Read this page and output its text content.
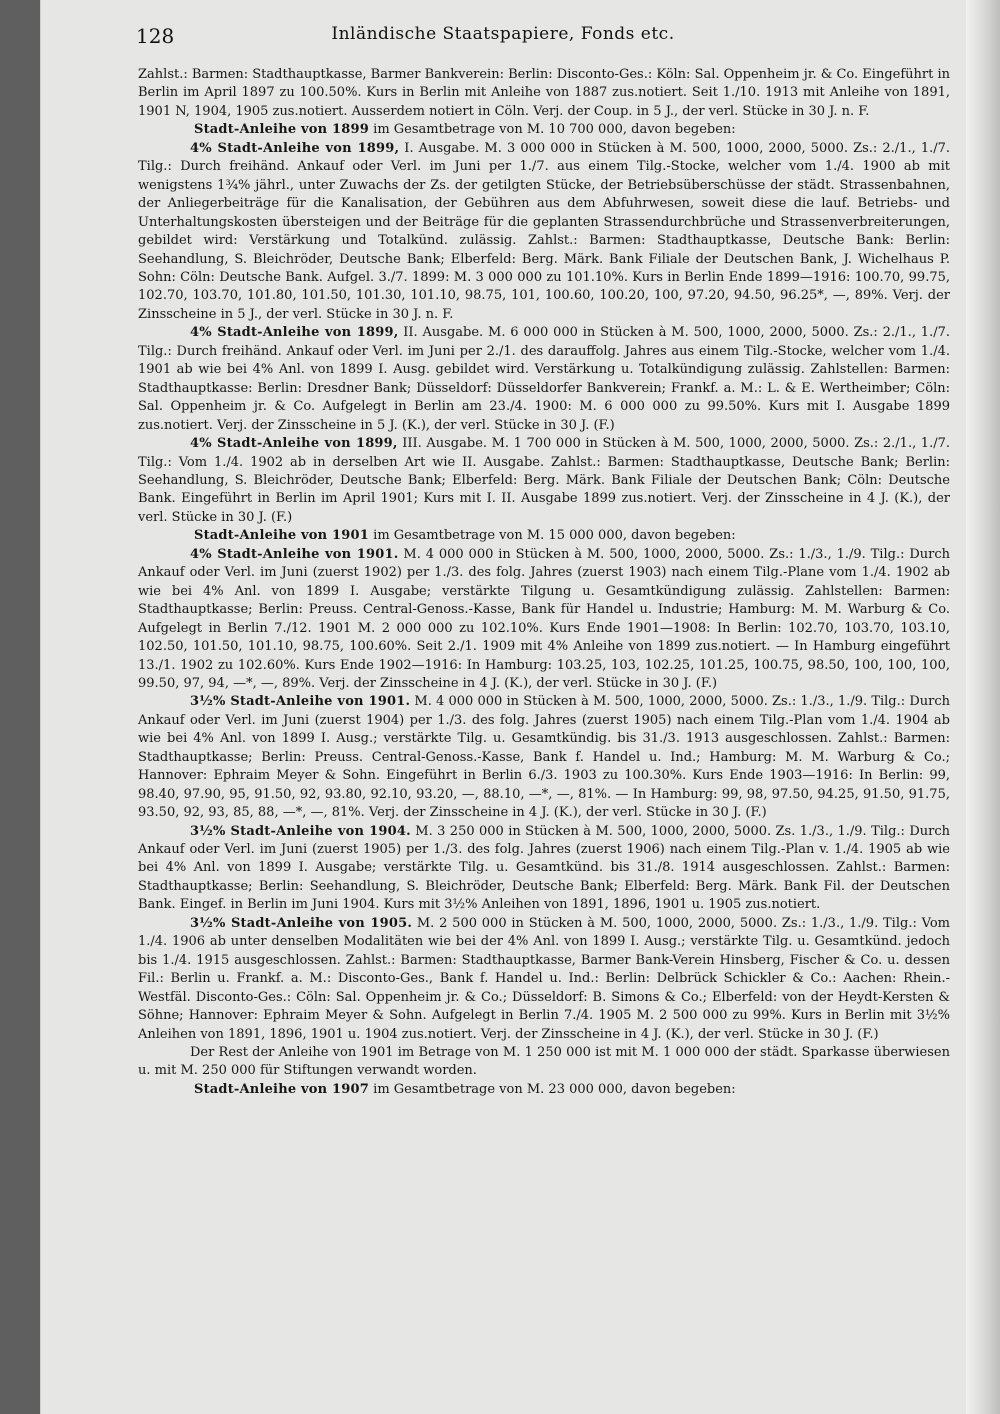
128	Inländische Staatspapiere, Fonds etc.

Zahlst.: Barmen: Stadthauptkasse, Barmer Bankverein: Berlin: Disconto-Ges.: Köln: Sal. Oppenheim jr. & Co. Eingeführt in Berlin im April 1897 zu 100.50%. Kurs in Berlin mit Anleihe von 1887 zus.notiert. Seit 1./10. 1913 mit Anleihe von 1891, 1901 N, 1904, 1905 zus.notiert. Ausserdem notiert in Cöln. Verj. der Coup. in 5 J., der verl. Stücke in 30 J. n. F.

Stadt-Anleihe von 1899 im Gesamtbetrage von M. 10 700 000, davon begeben:

4% Stadt-Anleihe von 1899, I. Ausgabe. M. 3 000 000 in Stücken à M. 500, 1000, 2000, 5000. Zs.: 2./1., 1./7. Tilg.: Durch freihänd. Ankauf oder Verl. im Juni per 1./7. aus einem Tilg.-Stocke, welcher vom 1./4. 1900 ab mit wenigstens 1¾% jährl., unter Zuwachs der Zs. der getilgten Stücke, der Betriebsüberschüsse der städt. Strassenbahnen, der Anliegerbeiträge für die Kanalisation, der Gebühren aus dem Abfuhrwesen, soweit diese die lauf. Betriebs- und Unterhaltungskosten übersteigen und der Beiträge für die geplanten Strassendurchbrüche und Strassenverbreiterungen, gebildet wird: Verstärkung und Totalkünd. zulässig. Zahlst.: Barmen: Stadthauptkasse, Deutsche Bank: Berlin: Seehandlung, S. Bleichröder, Deutsche Bank; Elberfeld: Berg. Märk. Bank Filiale der Deutschen Bank, J. Wichelhaus P. Sohn: Cöln: Deutsche Bank. Aufgel. 3./7. 1899: M. 3 000 000 zu 101.10%. Kurs in Berlin Ende 1899—1916: 100.70, 99.75, 102.70, 103.70, 101.80, 101.50, 101.30, 101.10, 98.75, 101, 100.60, 100.20, 100, 97.20, 94.50, 96.25*, —, 89%. Verj. der Zinsscheine in 5 J., der verl. Stücke in 30 J. n. F.

4% Stadt-Anleihe von 1899, II. Ausgabe. M. 6 000 000 in Stücken à M. 500, 1000, 2000, 5000. Zs.: 2./1., 1./7. Tilg.: Durch freihänd. Ankauf oder Verl. im Juni per 2./1. des darauffolg. Jahres aus einem Tilg.-Stocke, welcher vom 1./4. 1901 ab wie bei 4% Anl. von 1899 I. Ausg. gebildet wird. Verstärkung u. Totalkündigung zulässig. Zahlstellen: Barmen: Stadthauptkasse: Berlin: Dresdner Bank; Düsseldorf: Düsseldorfer Bankverein; Frankf. a. M.: L. & E. Wertheimber; Cöln: Sal. Oppenheim jr. & Co. Aufgelegt in Berlin am 23./4. 1900: M. 6 000 000 zu 99.50%. Kurs mit I. Ausgabe 1899 zus.notiert. Verj. der Zinsscheine in 5 J. (K.), der verl. Stücke in 30 J. (F.)

4% Stadt-Anleihe von 1899, III. Ausgabe. M. 1 700 000 in Stücken à M. 500, 1000, 2000, 5000. Zs.: 2./1., 1./7. Tilg.: Vom 1./4. 1902 ab in derselben Art wie II. Ausgabe. Zahlst.: Barmen: Stadthauptkasse, Deutsche Bank; Berlin: Seehandlung, S. Bleichröder, Deutsche Bank; Elberfeld: Berg. Märk. Bank Filiale der Deutschen Bank; Cöln: Deutsche Bank. Eingeführt in Berlin im April 1901; Kurs mit I. II. Ausgabe 1899 zus.notiert. Verj. der Zinsscheine in 4 J. (K.), der verl. Stücke in 30 J. (F.)

Stadt-Anleihe von 1901 im Gesamtbetrage von M. 15 000 000, davon begeben:

4% Stadt-Anleihe von 1901. M. 4 000 000 in Stücken à M. 500, 1000, 2000, 5000. Zs.: 1./3., 1./9. Tilg.: Durch Ankauf oder Verl. im Juni (zuerst 1902) per 1./3. des folg. Jahres (zuerst 1903) nach einem Tilg.-Plane vom 1./4. 1902 ab wie bei 4% Anl. von 1899 I. Ausgabe; verstärkte Tilgung u. Gesamtkündigung zulässig. Zahlstellen: Barmen: Stadthauptkasse; Berlin: Preuss. Central-Genoss.-Kasse, Bank für Handel u. Industrie; Hamburg: M. M. Warburg & Co. Aufgelegt in Berlin 7./12. 1901 M. 2 000 000 zu 102.10%. Kurs Ende 1901—1908: In Berlin: 102.70, 103.70, 103.10, 102.50, 101.50, 101.10, 98.75, 100.60%. Seit 2./1. 1909 mit 4% Anleihe von 1899 zus.notiert. — In Hamburg eingeführt 13./1. 1902 zu 102.60%. Kurs Ende 1902—1916: In Hamburg: 103.25, 103, 102.25, 101.25, 100.75, 98.50, 100, 100, 100, 99.50, 97, 94, —*, —, 89%. Verj. der Zinsscheine in 4 J. (K.), der verl. Stücke in 30 J. (F.)

3½% Stadt-Anleihe von 1901. M. 4 000 000 in Stücken à M. 500, 1000, 2000, 5000. Zs.: 1./3., 1./9. Tilg.: Durch Ankauf oder Verl. im Juni (zuerst 1904) per 1./3. des folg. Jahres (zuerst 1905) nach einem Tilg.-Plan vom 1./4. 1904 ab wie bei 4% Anl. von 1899 I. Ausg.; verstärkte Tilg. u. Gesamtkündig. bis 31./3. 1913 ausgeschlossen. Zahlst.: Barmen: Stadthauptkasse; Berlin: Preuss. Central-Genoss.-Kasse, Bank f. Handel u. Ind.; Hamburg: M. M. Warburg & Co.; Hannover: Ephraim Meyer & Sohn. Eingeführt in Berlin 6./3. 1903 zu 100.30%. Kurs Ende 1903—1916: In Berlin: 99, 98.40, 97.90, 95, 91.50, 92, 93.80, 92.10, 93.20, —, 88.10, —*, —, 81%. — In Hamburg: 99, 98, 97.50, 94.25, 91.50, 91.75, 93.50, 92, 93, 85, 88, —*, —, 81%. Verj. der Zinsscheine in 4 J. (K.), der verl. Stücke in 30 J. (F.)

3½% Stadt-Anleihe von 1904. M. 3 250 000 in Stücken à M. 500, 1000, 2000, 5000. Zs. 1./3., 1./9. Tilg.: Durch Ankauf oder Verl. im Juni (zuerst 1905) per 1./3. des folg. Jahres (zuerst 1906) nach einem Tilg.-Plan v. 1./4. 1905 ab wie bei 4% Anl. von 1899 I. Ausgabe; verstärkte Tilg. u. Gesamtkünd. bis 31./8. 1914 ausgeschlossen. Zahlst.: Barmen: Stadthauptkasse; Berlin: Seehandlung, S. Bleichröder, Deutsche Bank; Elberfeld: Berg. Märk. Bank Fil. der Deutschen Bank. Eingef. in Berlin im Juni 1904. Kurs mit 3½% Anleihen von 1891, 1896, 1901 u. 1905 zus.notiert.

3½% Stadt-Anleihe von 1905. M. 2 500 000 in Stücken à M. 500, 1000, 2000, 5000. Zs.: 1./3., 1./9. Tilg.: Vom 1./4. 1906 ab unter denselben Modalitäten wie bei der 4% Anl. von 1899 I. Ausg.; verstärkte Tilg. u. Gesamtkünd. jedoch bis 1./4. 1915 ausgeschlossen. Zahlst.: Barmen: Stadthauptkasse, Barmer Bank-Verein Hinsberg, Fischer & Co. u. dessen Fil.: Berlin u. Frankf. a. M.: Disconto-Ges., Bank f. Handel u. Ind.: Berlin: Delbrück Schickler & Co.: Aachen: Rhein.-Westfäl. Disconto-Ges.: Cöln: Sal. Oppenheim jr. & Co.; Düsseldorf: B. Simons & Co.; Elberfeld: von der Heydt-Kersten & Söhne; Hannover: Ephraim Meyer & Sohn. Aufgelegt in Berlin 7./4. 1905 M. 2 500 000 zu 99%. Kurs in Berlin mit 3½% Anleihen von 1891, 1896, 1901 u. 1904 zus.notiert. Verj. der Zinsscheine in 4 J. (K.), der verl. Stücke in 30 J. (F.)

Der Rest der Anleihe von 1901 im Betrage von M. 1 250 000 ist mit M. 1 000 000 der städt. Sparkasse überwiesen u. mit M. 250 000 für Stiftungen verwandt worden.

Stadt-Anleihe von 1907 im Gesamtbetrage von M. 23 000 000, davon begeben:
